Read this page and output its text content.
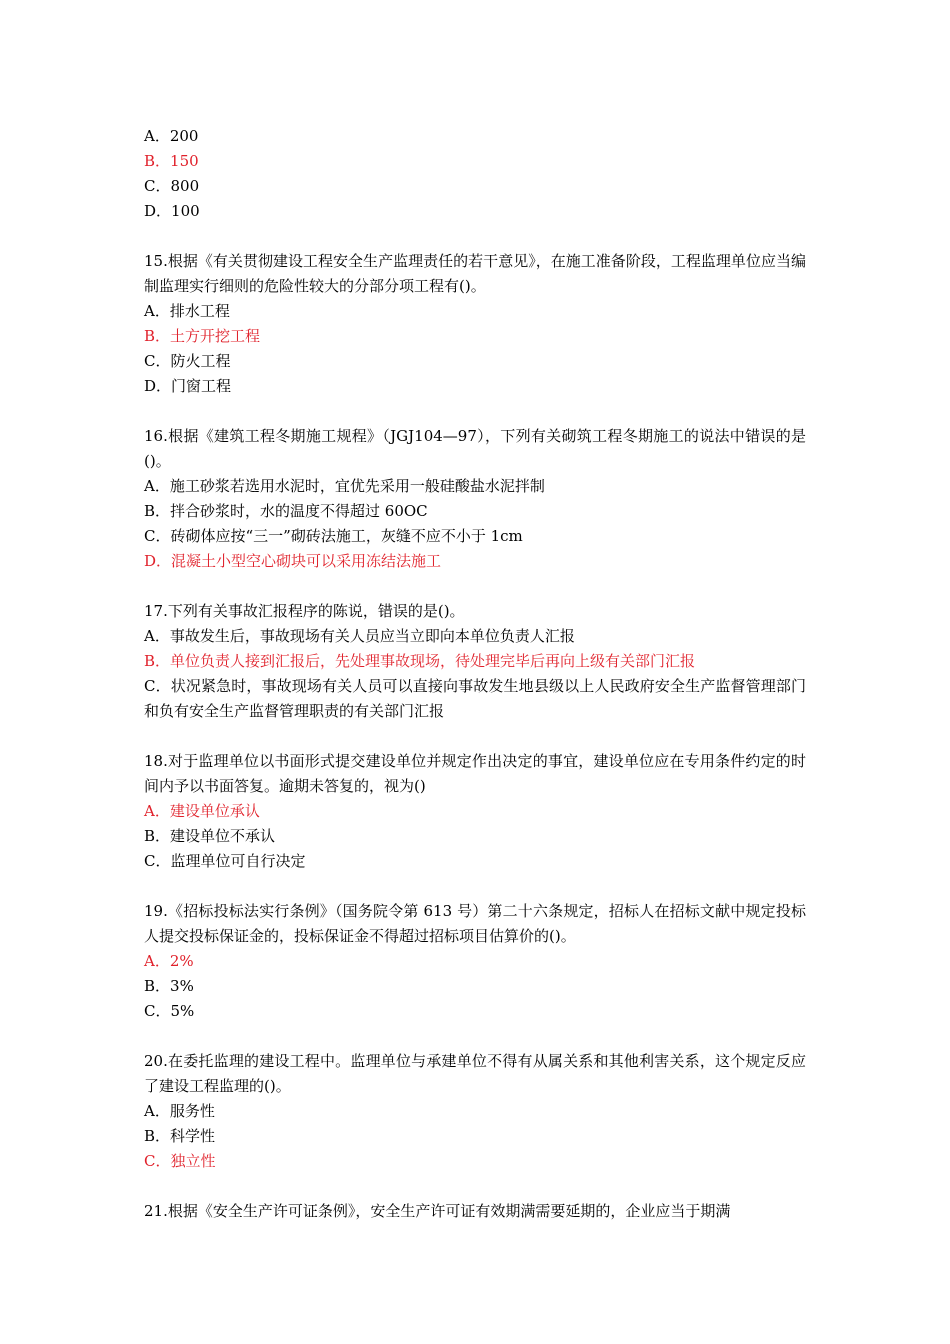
A．200

B．150

C．800

D．100

15.根据《有关贯彻建设工程安全生产监理责任的若干意见》，在施工准备阶段，工程监理单位应当编制监理实行细则的危险性较大的分部分项工程有()。

A．排水工程

B．土方开挖工程

C．防火工程

D．门窗工程

16.根据《建筑工程冬期施工规程》（JGJ104—97），下列有关砌筑工程冬期施工的说法中错误的是()。

A．施工砂浆若选用水泥时，宜优先采用一般硅酸盐水泥拌制

B．拌合砂浆时，水的温度不得超过 60OC

C．砖砌体应按“三一”砌砖法施工，灰缝不应不小于 1cm

D．混凝土小型空心砌块可以采用冻结法施工

17.下列有关事故汇报程序的陈说，错误的是()。

A．事故发生后，事故现场有关人员应当立即向本单位负责人汇报

B．单位负责人接到汇报后，先处理事故现场，待处理完毕后再向上级有关部门汇报

C．状况紧急时，事故现场有关人员可以直接向事故发生地县级以上人民政府安全生产监督管理部门和负有安全生产监督管理职责的有关部门汇报

18.对于监理单位以书面形式提交建设单位并规定作出决定的事宜，建设单位应在专用条件约定的时间内予以书面答复。逾期未答复的，视为()

A．建设单位承认

B．建设单位不承认

C．监理单位可自行决定

19.《招标投标法实行条例》（国务院令第 613 号）第二十六条规定，招标人在招标文献中规定投标人提交投标保证金的，投标保证金不得超过招标项目估算价的()。

A．2%

B．3%

C．5%

20.在委托监理的建设工程中。监理单位与承建单位不得有从属关系和其他利害关系，这个规定反应了建设工程监理的()。

A．服务性

B．科学性

C．独立性

21.根据《安全生产许可证条例》，安全生产许可证有效期满需要延期的，企业应当于期满
